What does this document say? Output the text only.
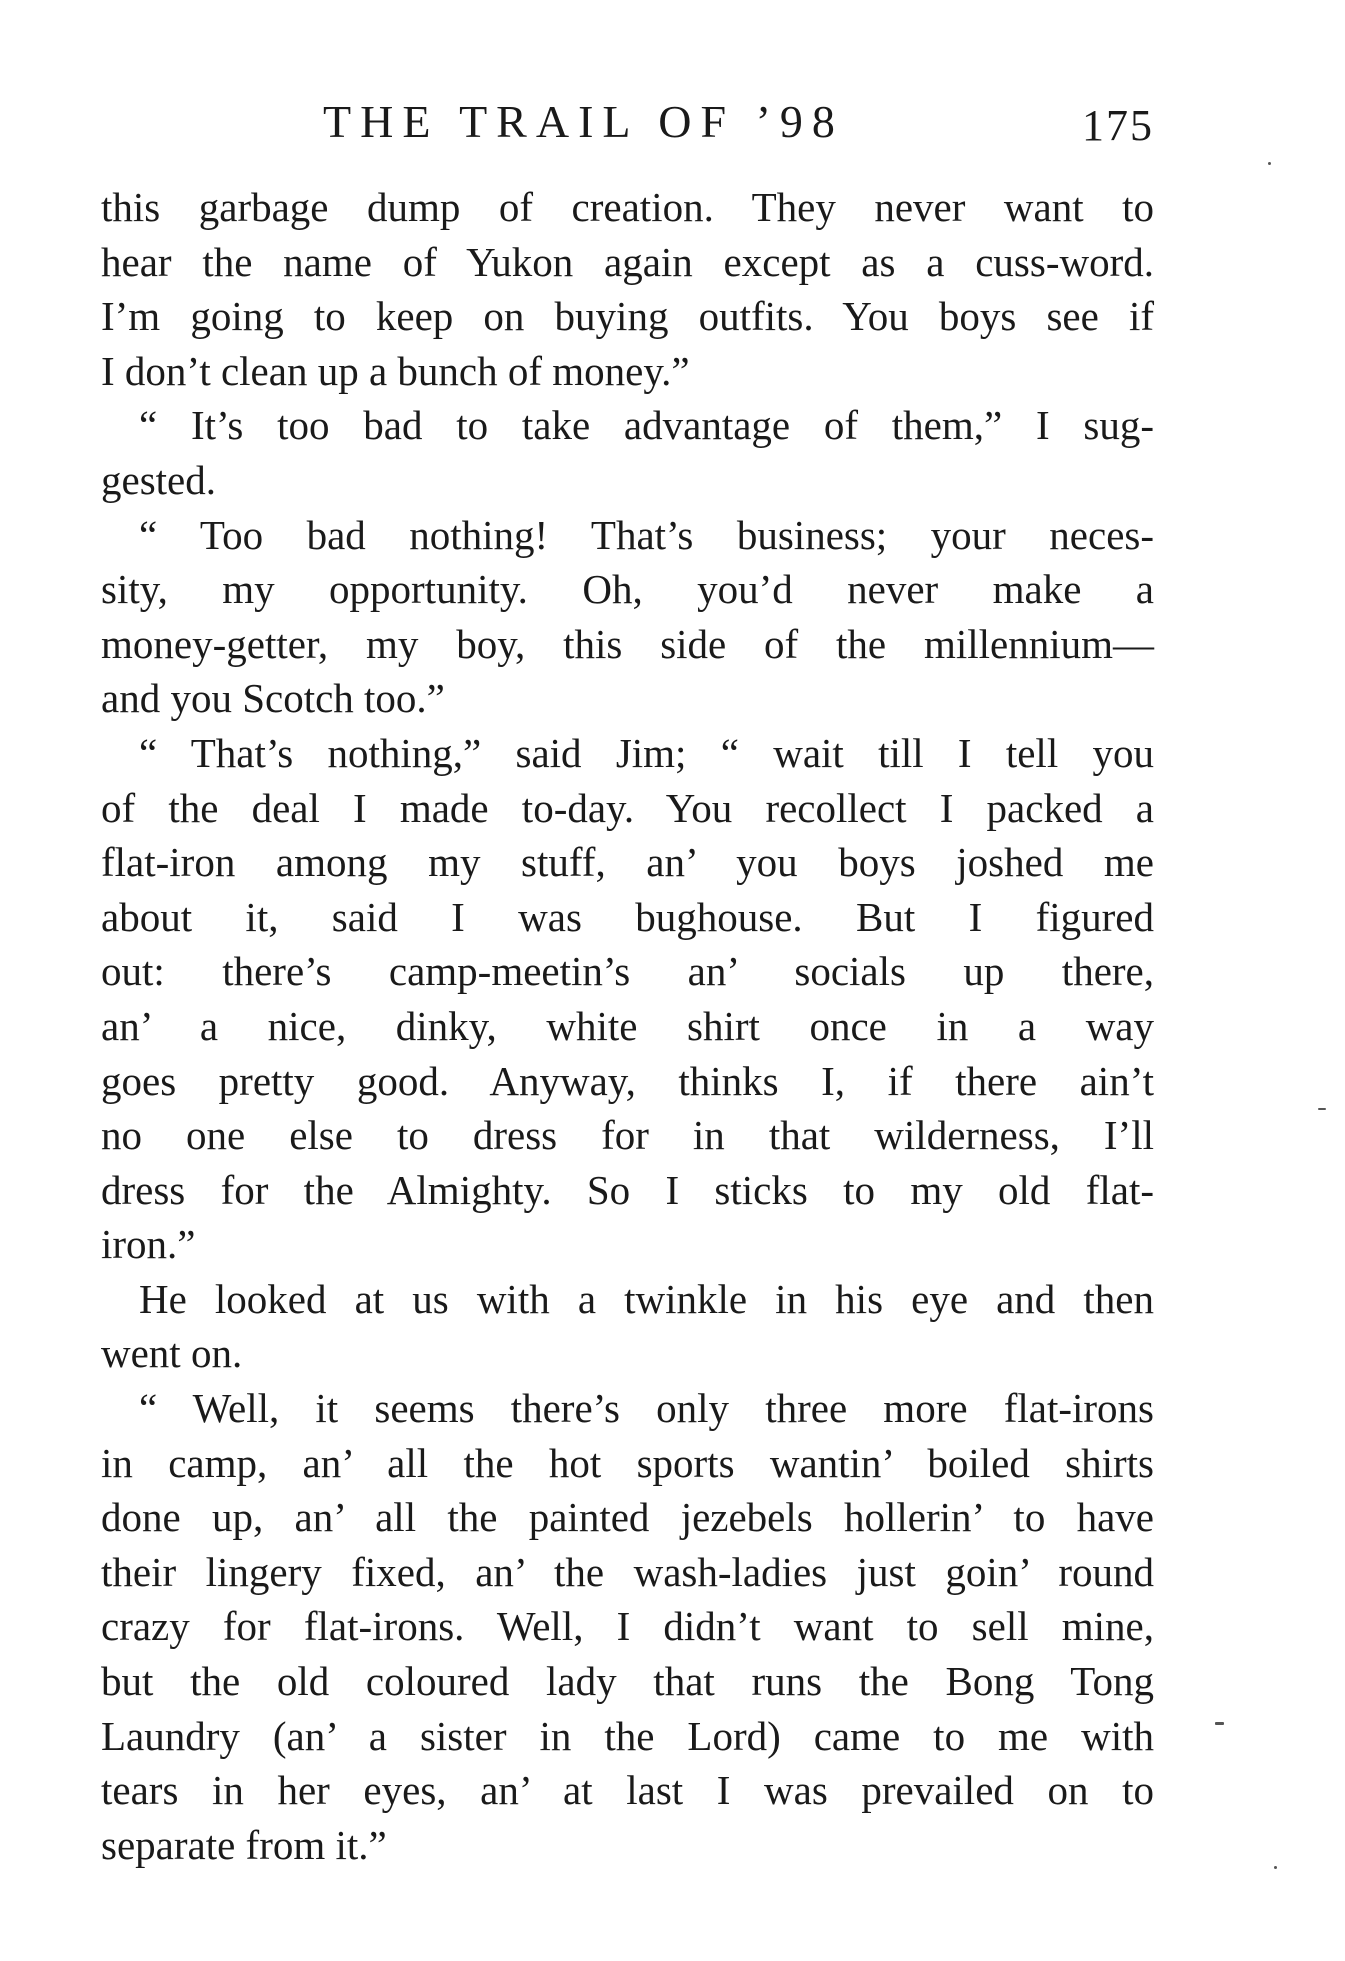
THE TRAIL OF ’98	175
this garbage dump of creation. They never want to
hear the name of Yukon again except as a cuss-word.
I’m going to keep on buying outfits. You boys see if
I don’t clean up a bunch of money.”
“ It’s too bad to take advantage of them,” I sug-
gested.
“ Too bad nothing! That’s business; your neces-
sity, my opportunity. Oh, you’d never make a
money-getter, my boy, this side of the millennium—
and you Scotch too.”
“ That’s nothing,” said Jim; “ wait till I tell you
of the deal I made to-day. You recollect I packed a
flat-iron among my stuff, an’ you boys joshed me
about it, said I was bughouse. But I figured
out: there’s camp-meetin’s an’ socials up there,
an’ a nice, dinky, white shirt once in a way
goes pretty good. Anyway, thinks I, if there ain’t
no one else to dress for in that wilderness, I’ll
dress for the Almighty. So I sticks to my old flat-
iron.”
He looked at us with a twinkle in his eye and then
went on.
“ Well, it seems there’s only three more flat-irons
in camp, an’ all the hot sports wantin’ boiled shirts
done up, an’ all the painted jezebels hollerin’ to have
their lingery fixed, an’ the wash-ladies just goin’ round
crazy for flat-irons. Well, I didn’t want to sell mine,
but the old coloured lady that runs the Bong Tong
Laundry (an’ a sister in the Lord) came to me with
tears in her eyes, an’ at last I was prevailed on to
separate from it.”
